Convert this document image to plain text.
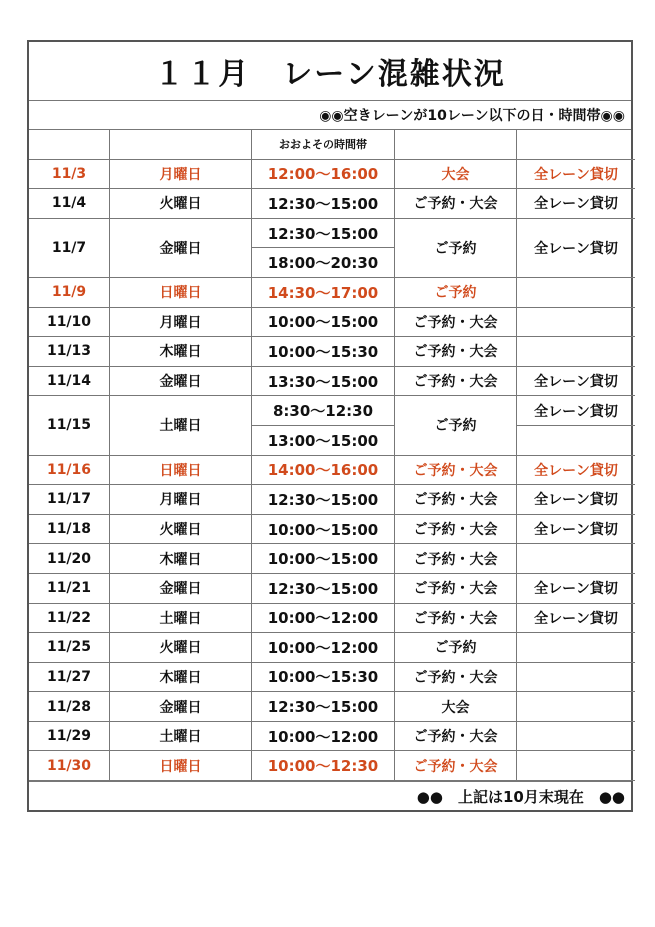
１１月　レーン混雑状況
◉◉空きレーンが10レーン以下の日・時間帯◉◉
		おおよその時間帯		
11/3	月曜日	12:00～16:00	大会	全レーン貸切
11/4	火曜日	12:30～15:00	ご予約・大会	全レーン貸切
11/7	金曜日	12:30～15:00	ご予約	全レーン貸切
		18:00～20:30		
11/9	日曜日	14:30～17:00	ご予約	
11/10	月曜日	10:00～15:00	ご予約・大会	
11/13	木曜日	10:00～15:30	ご予約・大会	
11/14	金曜日	13:30～15:00	ご予約・大会	全レーン貸切
11/15	土曜日	8:30～12:30	ご予約	全レーン貸切
		13:00～15:00		
11/16	日曜日	14:00～16:00	ご予約・大会	全レーン貸切
11/17	月曜日	12:30～15:00	ご予約・大会	全レーン貸切
11/18	火曜日	10:00～15:00	ご予約・大会	全レーン貸切
11/20	木曜日	10:00～15:00	ご予約・大会	
11/21	金曜日	12:30～15:00	ご予約・大会	全レーン貸切
11/22	土曜日	10:00～12:00	ご予約・大会	全レーン貸切
11/25	火曜日	10:00～12:00	ご予約	
11/27	木曜日	10:00～15:30	ご予約・大会	
11/28	金曜日	12:30～15:00	大会	
11/29	土曜日	10:00～12:00	ご予約・大会	
11/30	日曜日	10:00～12:30	ご予約・大会	
●●　上記は10月末現在　●●
